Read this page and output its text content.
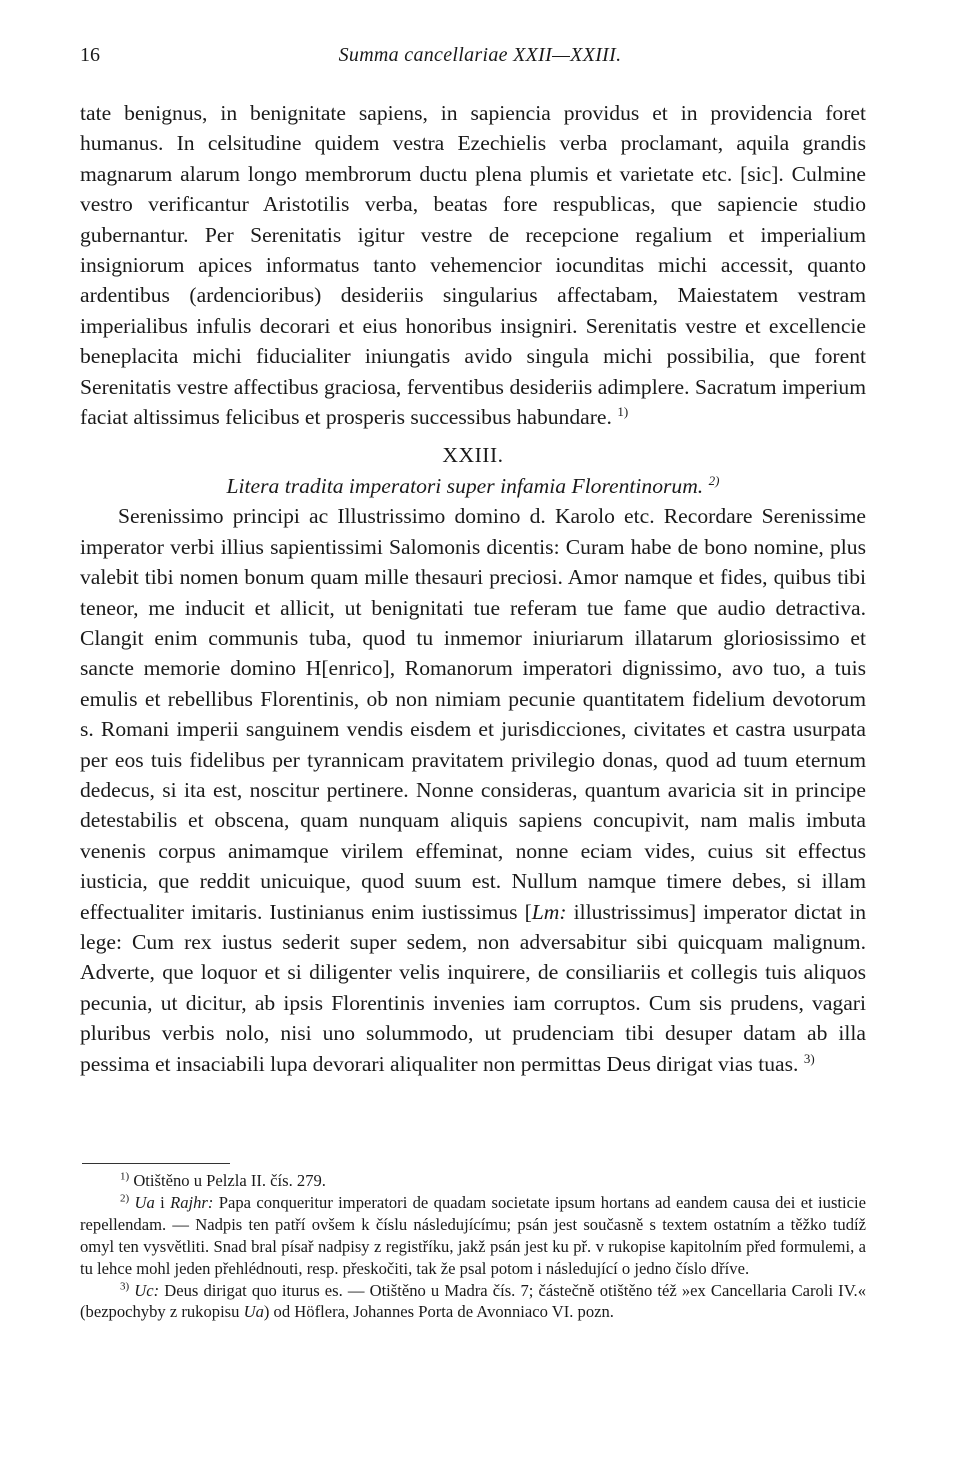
16	Summa cancellariae XXII—XXIII.

tate benignus, in benignitate sapiens, in sapiencia providus et in providencia foret humanus. In celsitudine quidem vestra Ezechielis verba proclamant, aquila grandis magnarum alarum longo membrorum ductu plena plumis et varietate etc. [sic]. Culmine vestro verificantur Aristotilis verba, beatas fore respublicas, que sapiencie studio gubernantur. Per Serenitatis igitur vestre de recepcione regalium et imperialium insigniorum apices informatus tanto vehemencior iocunditas michi accessit, quanto ardentibus (ardencioribus) desideriis singularius affectabam, Maiestatem vestram imperialibus infulis decorari et eius honoribus insigniri. Serenitatis vestre et excellencie beneplacita michi fiducialiter iniungatis avido singula michi possibilia, que forent Serenitatis vestre affectibus graciosa, ferventibus desideriis adimplere. Sacratum imperium faciat altissimus felicibus et prosperis successibus habundare. $^{1)}$

XXIII.

Litera tradita imperatori super infamia Florentinorum. $^{2)}$

Serenissimo principi ac Illustrissimo domino d. Karolo etc. Recordare Serenissime imperator verbi illius sapientissimi Salomonis dicentis: Curam habe de bono nomine, plus valebit tibi nomen bonum quam mille thesauri preciosi. Amor namque et fides, quibus tibi teneor, me inducit et allicit, ut benignitati tue referam tue fame que audio detractiva. Clangit enim communis tuba, quod tu inmemor iniuriarum illatarum gloriosissimo et sancte memorie domino H[enrico], Romanorum imperatori dignissimo, avo tuo, a tuis emulis et rebellibus Florentinis, ob non nimiam pecunie quantitatem fidelium devotorum s. Romani imperii sanguinem vendis eisdem et jurisdicciones, civitates et castra usurpata per eos tuis fidelibus per tyrannicam pravitatem privilegio donas, quod ad tuum eternum dedecus, si ita est, noscitur pertinere. Nonne consideras, quantum avaricia sit in principe detestabilis et obscena, quam nunquam aliquis sapiens concupivit, nam malis imbuta venenis corpus animamque virilem effeminat, nonne eciam vides, cuius sit effectus iusticia, que reddit unicuique, quod suum est. Nullum namque timere debes, si illam effectualiter imitaris. Iustinianus enim iustissimus [Lm: illustrissimus] imperator dictat in lege: Cum rex iustus sederit super sedem, non adversabitur sibi quicquam malignum. Adverte, que loquor et si diligenter velis inquirere, de consiliariis et collegis tuis aliquos pecunia, ut dicitur, ab ipsis Florentinis invenies iam corruptos. Cum sis prudens, vagari pluribus verbis nolo, nisi uno solummodo, ut prudenciam tibi desuper datam ab illa pessima et insaciabili lupa devorari aliqualiter non permittas Deus dirigat vias tuas. $^{3)}$

$^{1)}$ Otištěno u Pelzla II. čís. 279.

$^{2)}$ Ua i Rajhr: Papa conqueritur imperatori de quadam societate ipsum hortans ad eandem causa dei et iusticie repellendam. — Nadpis ten patří ovšem k číslu následujícímu; psán jest současně s textem ostatním a těžko tudíž omyl ten vysvětliti. Snad bral písař nadpisy z registříku, jakž psán jest ku př. v rukopise kapitolním před formulemi, a tu lehce mohl jeden přehlédnouti, resp. přeskočiti, tak že psal potom i následující o jedno číslo dříve.

$^{3)}$ Uc: Deus dirigat quo iturus es. — Otištěno u Madra čís. 7; částečně otištěno též »ex Cancellaria Caroli IV.« (bezpochyby z rukopisu Ua) od Höflera, Johannes Porta de Avonniaco VI. pozn.
